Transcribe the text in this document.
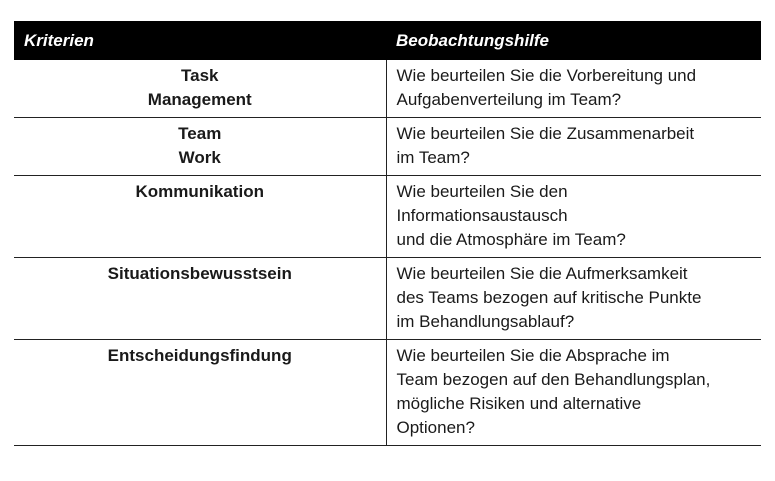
Kriterien	Beobachtungshilfe

Task
Management	Wie beurteilen Sie die Vorbereitung und
Aufgabenverteilung im Team?

Team
Work	Wie beurteilen Sie die Zusammenarbeit
im Team?

Kommunikation	Wie beurteilen Sie den
Informationsaustausch
und die Atmosphäre im Team?

Situationsbewusstsein	Wie beurteilen Sie die Aufmerksamkeit
des Teams bezogen auf kritische Punkte
im Behandlungsablauf?

Entscheidungsfindung	Wie beurteilen Sie die Absprache im
Team bezogen auf den Behandlungsplan,
mögliche Risiken und alternative
Optionen?
